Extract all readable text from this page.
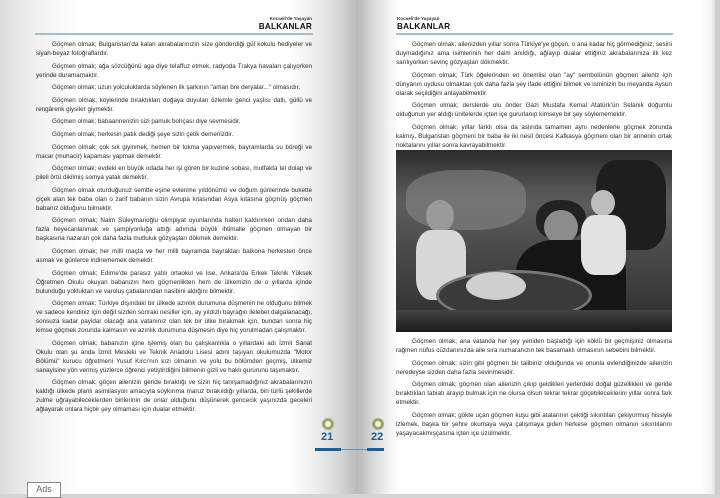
Kocaeli'de Yaşayan
BALKANLAR
Kocaeli'de Yaşayan
BALKANLAR

Göçmen olmak; Bulgaristan'da kalan akrabalarınızın size gönderdiği gül kokulu hediyeler ve siyah-beyaz fotoğraflardır.

Göçmen olmak; ağa sözcüğünü aga diye telaffuz etmek, radyoda Trakya havaları çalıyorken yerinde duramamaktır.

Göçmen olmak; uzun yolculuklarda söylenen ilk şarkının "aman bre deryalar..." olmasıdır.

Göçmen olmak; köylerinde bıraktıkları doğaya duyulan özlemle genci yaşlısı dallı, güllü ve rengârenk giysiler giymektir.

Göçmen olmak; babaannenizin sizi pamuk bohçası diye sevmesidir.

Göçmen olmak; herkesin patik dediği şeye sizin çetik demenizdir.

Göçmen olmak; çok sık giyinmek, hemen bir lokma yapıvermek, bayramlarda su böreği ve macar (muhacir) kapaması yapmak demektir.

Göçmen olmak; evdeki en büyük odada her işi gören bir kuzine sobası, mutfakta tel dolap ve pileli örtü dikilmiş somya yatak demektir.

Göçmen olmak oturduğunuz semtte eşine evlenme yıldönümü ve doğum günlerinde bukette çiçek alan tek baba olan o zarif babanın sizin Avrupa kıtasından Asya kıtasına göçmüş göçmen babanız olduğunu bilmektir.

Göçmen olmak; Naim Süleymanoğlu olimpiyat oyunlarında halteri kaldırırken ondan daha fazla heyecanlanmak ve şampiyonluğa attığı adımda büyük ihtimalle göçmen olmayan bir başkasına nazaran çok daha fazla mutluluk gözyaşları dökmek demektir.

Göçmen olmak; her milli maçta ve her milli bayramda bayrakları balkona herkesten önce asmak ve günlerce indirememek demektir.

Göçmen olmak; Edirne'de parasız yatılı ortaokul ve lise, Ankara'da Erkek Teknik Yüksek Öğretmen Okulu okuyan babanızın hem göçmenlikten hem de ülkemizin de o yıllarda içinde bulunduğu yokluktan ve varoluş çabalarından nasibini aldığını bilmektir.

Göçmen olmak; Türkiye dışındaki bir ülkede azınlık durumuna düşmenin ne olduğunu bilmek ve sadece kendiniz için değil sizden sonraki nesiller için, ay yıldızlı bayrağın ilelebet dalgalanacağı, sonsuza kadar payidar olacağı ana vatanınız olan tek bir ülke bırakmak için, bundan sonra hiç kimse göçmek zorunda kalmasın ve azınlık durumuna düşmesin diye hiç yorulmadan çalışmaktır.

Göçmen olmak; babanızın içine işlemiş olan bu çalışkanlıkla o yıllardaki adı İzmit Sanat Okulu olan şu anda İzmit Mesleki ve Teknik Anadolu Lisesi adını taşıyan okulumuzda "Motor Bölümü" kurucu öğretmeni Yusuf Kırcı'nın kızı olmanın ve yolu bu bölümden geçmiş, ülkemiz sanayisine yön vermiş yüzlerce öğrenci yetiştirdiğini bilmenin gizli ve haklı gururunu taşımaktır.

Göçmen olmak; göçen ailenizin geride bıraktığı ve sizin hiç tanışamadığınız akrabalarınızın kaldığı ülkede planlı asimilasyon amacıyla soykırıma maruz bırakıldığı yıllarda, bin türlü şekillerde zulme uğrayabileceklerden birilerinin de onlar olduğunu düşünerek gencecik yaşınızda geceleri ağlayarak onlara hiçbir şey olmaması için dualar etmektir.

Göçmen olmak; ailenizden yıllar sonra Türkiye'ye göçen, o ana kadar hiç görmediğiniz, sesini duymadığınız ama isimlerinin her daim anıldığı, ağlayıp dualar ettiğiniz akrabalarınıza ilk kez sarılıyorken sevinç gözyaşları dökmektir.

Göçmen olmak; Türk öğelerinden en önemlisi olan "ay" sembolünün göçmen aileniz için dünyanın uydusu olmaktan çok daha fazla şey ifade ettiğini bilmek ve isminizin bu meyanda Aysun olarak seçildiğini anlayabilmektir.

Göçmen olmak; derslerde ulu önder Gazi Mustafa Kemal Atatürk'ün Selanik doğumlu olduğunun yer aldığı ünitelerde içten içe gururlanıp kimseye bir şey söylememektir.

Göçmen olmak; yıllar farklı olsa da aslında tamamen aynı nedenlerle göçmek zorunda kalmış, Bulgaristan göçmeni bir baba ile iki nesil öncesi Kafkasya göçmeni olan bir annenin ortak noktalarını yıllar sonra kavrayabilmektir.

Göçmen olmak; ana vatanda her şey yeniden başladığı için köklü bir geçmişiniz olmasına rağmen nüfus cüzdanınızda aile sıra numaranızın tek basamaklı olmasının sebebini bilmektir.

Göçmen olmak; sizin gibi göçmen bir talibiniz olduğunda ve onunla evlendiğinizde ailenizin neredeyse sizden daha fazla sevinmesidir.

Göçmen olmak; göçmen olan ailenizin çıkıp geldikleri yerlerdeki doğal güzellikleri ve geride bıraktıkları tabiatı arayıp bulmak için ne olursa olsun tekrar tekrar göçebileceklerini yıllar sonra fark etmektir.

Göçmen olmak; gökte uçan göçmen kuşu gibi atalarının çektiği sıkıntıları çekiyormuş hissiyle izlemek, başka bir şehre okumaya veya çalışmaya giden herkese göçmen olmanın sıkıntılarını yaşayacakmışçasına içten içe üzülmektir.

21	22
Ads
